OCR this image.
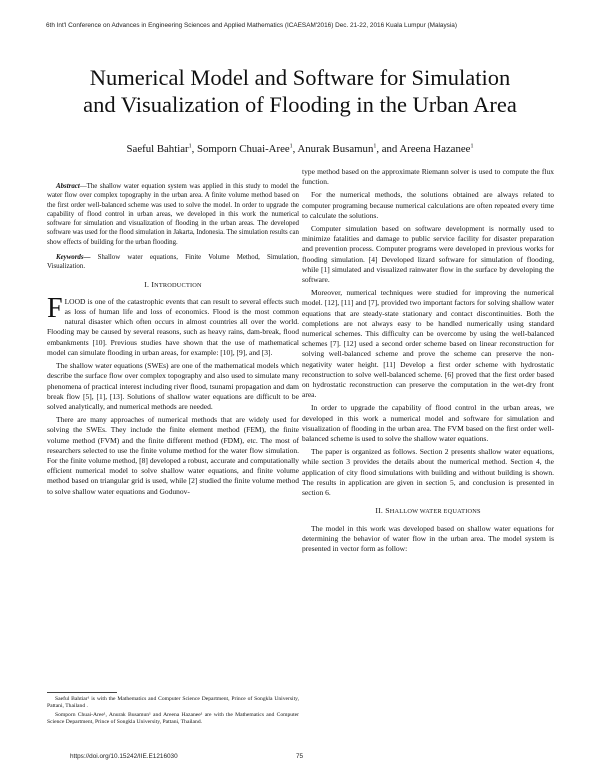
6th Int'l Conference on Advances in Engineering Sciences and Applied Mathematics (ICAESAM'2016) Dec. 21-22, 2016 Kuala Lumpur (Malaysia)
Numerical Model and Software for Simulation
and Visualization of Flooding in the Urban Area
Saeful Bahtiar$^1$, Somporn Chuai-Aree$^1$, Anurak Busamun$^1$, and Areena Hazanee$^1$

Abstract—The shallow water equation system was applied in this study to model the water flow over complex topography in the urban area. A finite volume method based on the first order well-balanced scheme was used to solve the model. In order to upgrade the capability of flood control in urban areas, we developed in this work the numerical software for simulation and visualization of flooding in the urban areas. The developed software was used for the flood simulation in Jakarta, Indonesia. The simulation results can show effects of building for the urban flooding.

Keywords— Shallow water equations, Finite Volume Method, Simulation, Visualization.

I. INTRODUCTION

FLOOD is one of the catastrophic events that can result to several effects such as loss of human life and loss of economics. Flood is the most common natural disaster which often occurs in almost countries all over the world. Flooding may be caused by several reasons, such as heavy rains, dam-break, flood embankments [10]. Previous studies have shown that the use of mathematical model can simulate flooding in urban areas, for example: [10], [9], and [3].

The shallow water equations (SWEs) are one of the mathematical models which describe the surface flow over complex topography and also used to simulate many phenomena of practical interest including river flood, tsunami propagation and dam break flow [5], [1], [13]. Solutions of shallow water equations are difficult to be solved analytically, and numerical methods are needed.

There are many approaches of numerical methods that are widely used for solving the SWEs. They include the finite element method (FEM), the finite volume method (FVM) and the finite different method (FDM), etc. The most of researchers selected to use the finite volume method for the water flow simulation. For the finite volume method, [8] developed a robust, accurate and computationally efficient numerical model to solve shallow water equations, and finite volume method based on triangular grid is used, while [2] studied the finite volume method to solve shallow water equations and Godunov-

type method based on the approximate Riemann solver is used to compute the flux function.

For the numerical methods, the solutions obtained are always related to computer programing because numerical calculations are often repeated every time to calculate the solutions.

Computer simulation based on software development is normally used to minimize fatalities and damage to public service facility for disaster preparation and prevention process. Computer programs were developed in previous works for flooding simulation. [4] Developed lizard software for simulation of flooding, while [1] simulated and visualized rainwater flow in the surface by developing the software.

Moreover, numerical techniques were studied for improving the numerical model. [12], [11] and [7], provided two important factors for solving shallow water equations that are steady-state stationary and contact discontinuities. Both the completions are not always easy to be handled numerically using standard numerical schemes. This difficulty can be overcome by using the well-balanced schemes [7]. [12] used a second order scheme based on linear reconstruction for solving well-balanced scheme and prove the scheme can preserve the non-negativity water height. [11] Develop a first order scheme with hydrostatic reconstruction to solve well-balanced scheme. [6] proved that the first order based on hydrostatic reconstruction can preserve the computation in the wet-dry front area.

In order to upgrade the capability of flood control in the urban areas, we developed in this work a numerical model and software for simulation and visualization of flooding in the urban area. The FVM based on the first order well-balanced scheme is used to solve the shallow water equations.

The paper is organized as follows. Section 2 presents shallow water equations, while section 3 provides the details about the numerical method. Section 4, the application of city flood simulations with building and without building is shown. The results in application are given in section 5, and conclusion is presented in section 6.

II. SHALLOW WATER EQUATIONS

The model in this work was developed based on shallow water equations for determining the behavior of water flow in the urban area. The model system is presented in vector form as follow:

Saeful Bahtiar¹ is with the Mathematics and Computer Science Department, Prince of Songkla University, Pattani, Thailand .

Somporn Chuai-Aree¹, Anurak Busamun¹ and Areena Hazanee¹ are with the Mathematics and Computer Science Department, Prince of Songkla University, Pattani, Thailand.

https://doi.org/10.15242/IIE.E1216030	75
